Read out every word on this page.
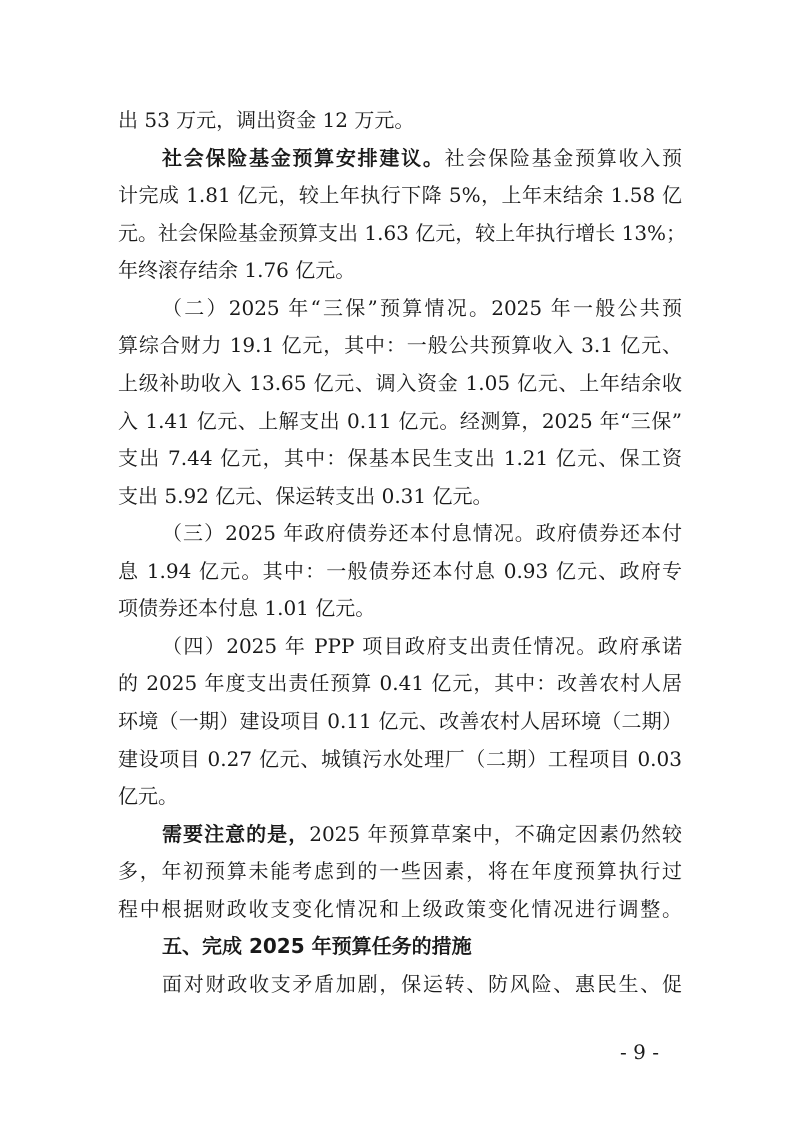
出 53 万元，调出资金 12 万元。
社会保险基金预算安排建议。社会保险基金预算收入预
计完成 1.81 亿元，较上年执行下降 5%，上年末结余 1.58 亿
元。社会保险基金预算支出 1.63 亿元，较上年执行增长 13%；
年终滚存结余 1.76 亿元。
（二）2025 年“三保”预算情况。2025 年一般公共预
算综合财力 19.1 亿元，其中：一般公共预算收入 3.1 亿元、
上级补助收入 13.65 亿元、调入资金 1.05 亿元、上年结余收
入 1.41 亿元、上解支出 0.11 亿元。经测算，2025 年“三保”
支出 7.44 亿元，其中：保基本民生支出 1.21 亿元、保工资
支出 5.92 亿元、保运转支出 0.31 亿元。
（三）2025 年政府债券还本付息情况。政府债券还本付
息 1.94 亿元。其中：一般债券还本付息 0.93 亿元、政府专
项债券还本付息 1.01 亿元。
（四）2025 年 PPP 项目政府支出责任情况。政府承诺
的 2025 年度支出责任预算 0.41 亿元，其中：改善农村人居
环境（一期）建设项目 0.11 亿元、改善农村人居环境（二期）
建设项目 0.27 亿元、城镇污水处理厂（二期）工程项目 0.03
亿元。
需要注意的是，2025 年预算草案中，不确定因素仍然较
多，年初预算未能考虑到的一些因素，将在年度预算执行过
程中根据财政收支变化情况和上级政策变化情况进行调整。
五、完成 2025 年预算任务的措施
面对财政收支矛盾加剧，保运转、防风险、惠民生、促
- 9 -
